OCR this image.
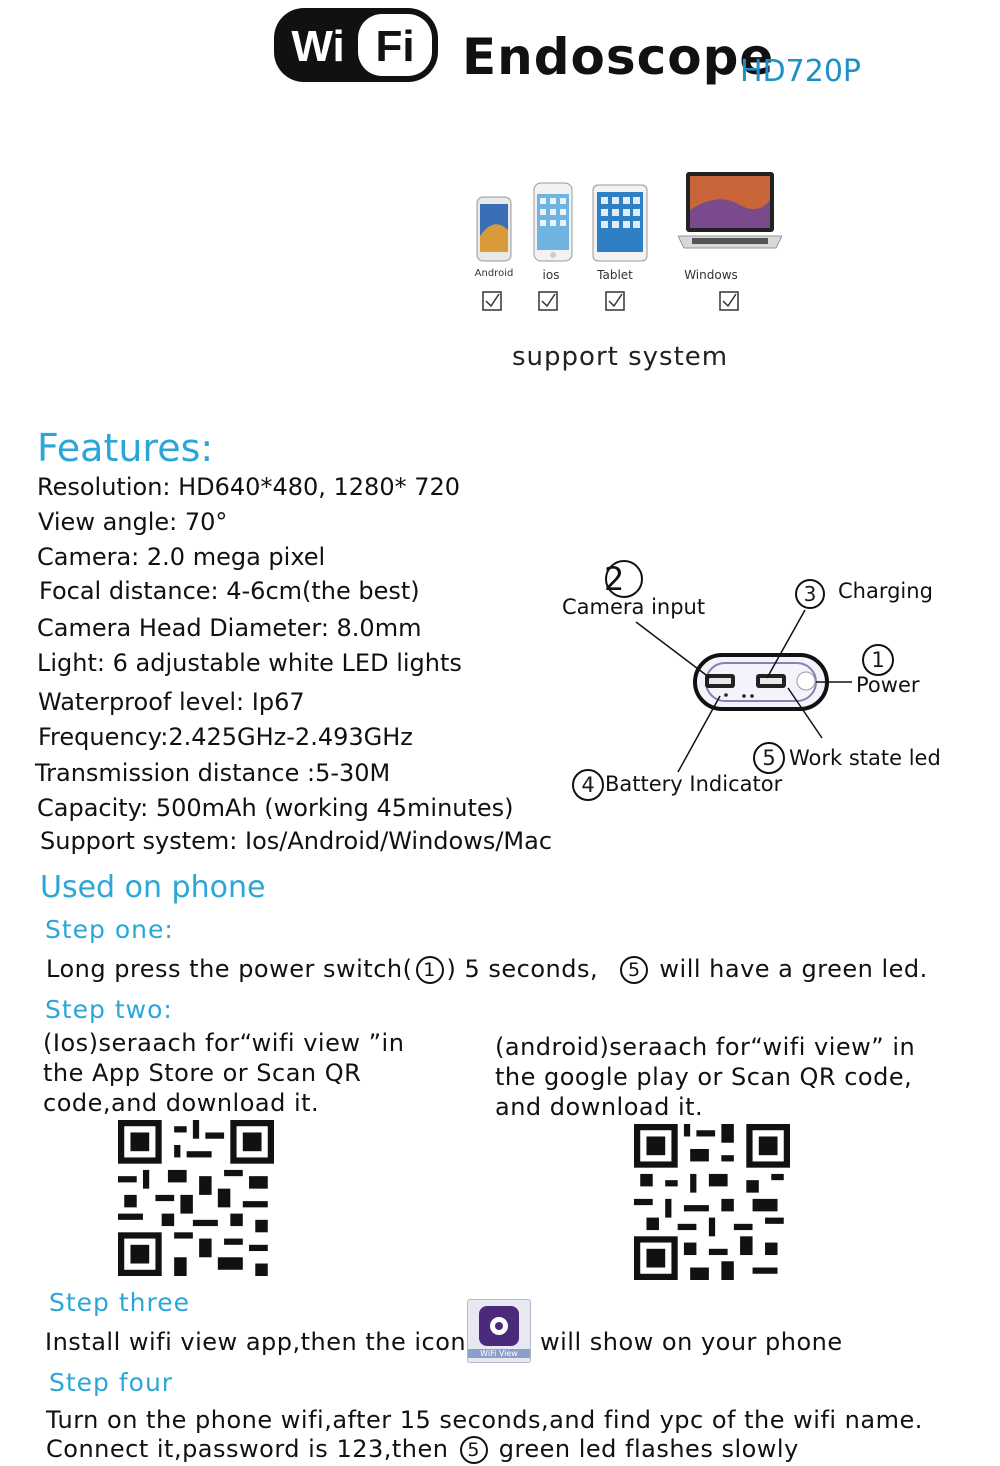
Wi Fi Endoscope
HD720P
Android	ios	Tablet	Windows
support system
Features:
Resolution: HD640*480, 1280* 720
View angle: 70°
Camera: 2.0 mega pixel
Focal distance: 4-6cm(the best)
Camera Head Diameter: 8.0mm
Light: 6 adjustable white LED lights
Waterproof level: Ip67
Frequency:2.425GHz-2.493GHz
Transmission distance :5-30M
Capacity: 500mAh (working 45minutes)
Support system: Ios/Android/Windows/Mac
2
Camera input
3	Charging
1
Power
5 Work state led
4 Battery Indicator
Used on phone
Step one:
Long press the power switch( 1 ) 5 seconds, 5 will have a green led.
Step two:
(Ios)seraach for“wifi view ”in
the App Store or Scan QR
code,and download it.
(android)seraach for“wifi view” in
the google play or Scan QR code,
and download it.
Step three
Install wifi view app,then the icon	WiFi View will show on your phone
Step four
Turn on the phone wifi,after 15 seconds,and find ypc of the wifi name.
Connect it,password is 123,then 5 green led flashes slowly
